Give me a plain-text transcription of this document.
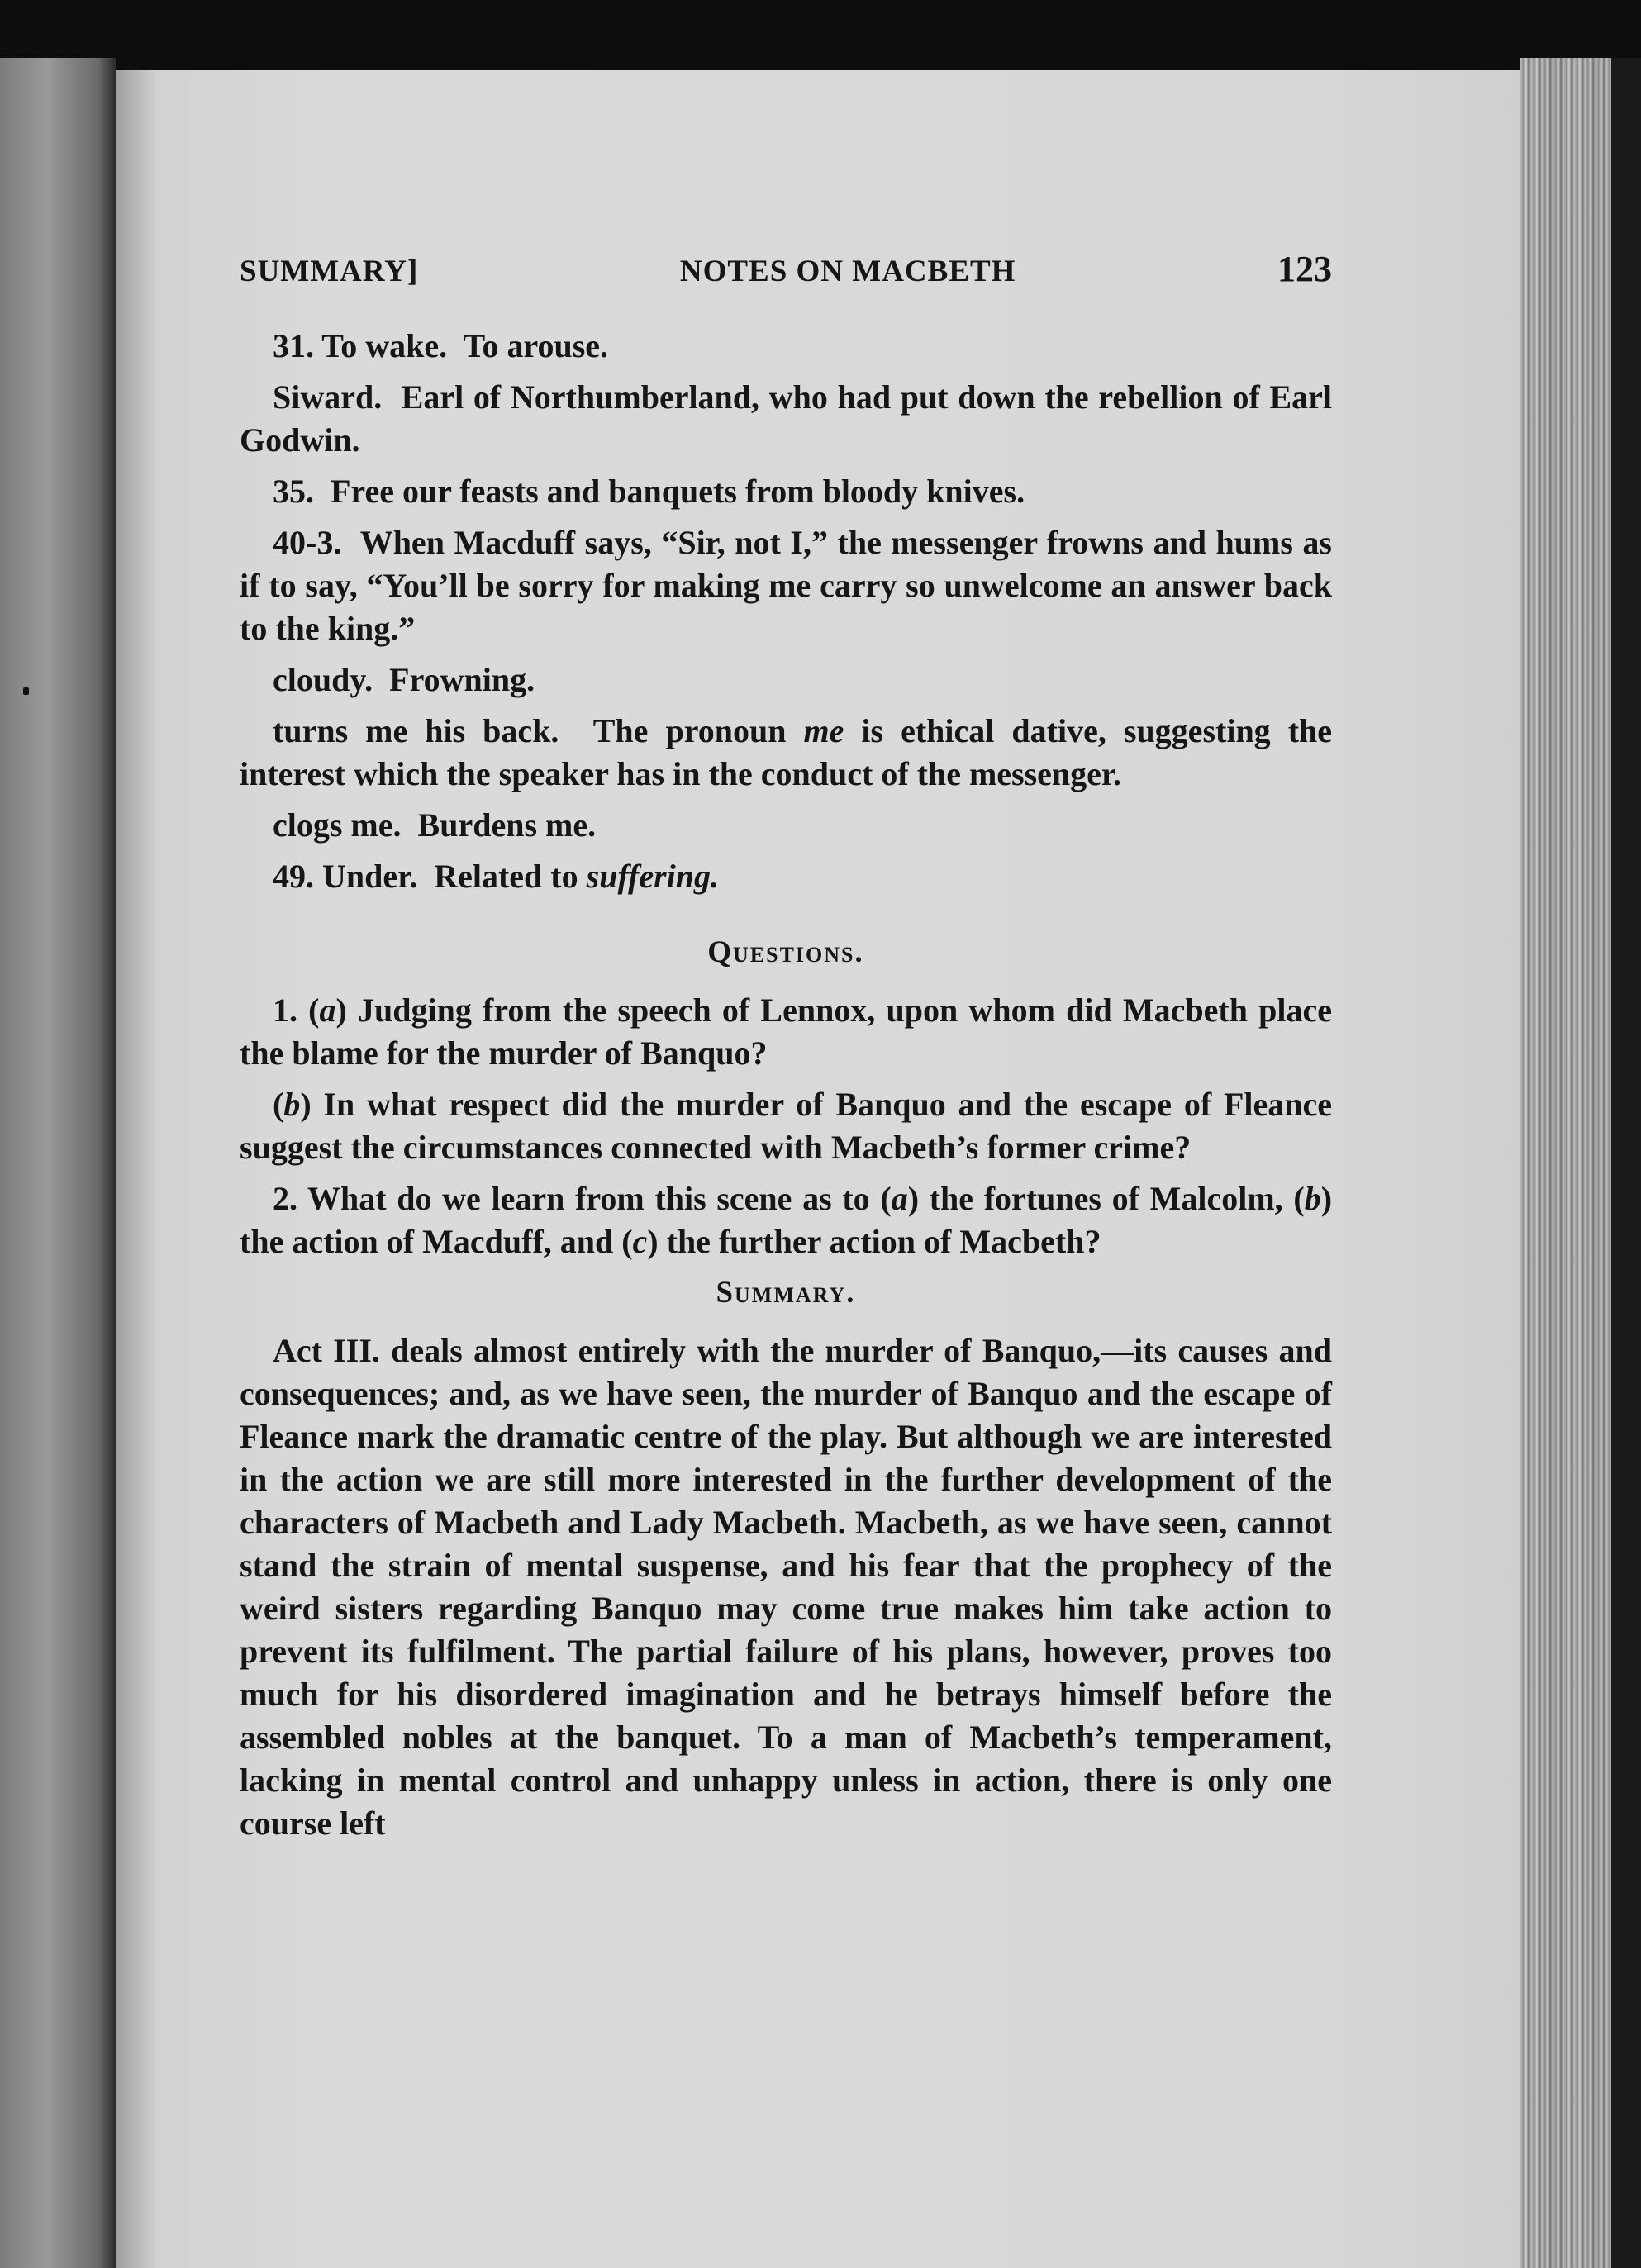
SUMMARY]	NOTES ON MACBETH	123

31. To wake. To arouse.

Siward. Earl of Northumberland, who had put down the rebellion of Earl Godwin.

35. Free our feasts and banquets from bloody knives.

40-3. When Macduff says, “Sir, not I,” the messenger frowns and hums as if to say, “You’ll be sorry for making me carry so unwelcome an answer back to the king.”

cloudy. Frowning.

turns me his back. The pronoun me is ethical dative, suggesting the interest which the speaker has in the conduct of the messenger.

clogs me. Burdens me.

49. Under. Related to suffering.

Questions.

1. (a) Judging from the speech of Lennox, upon whom did Macbeth place the blame for the murder of Banquo?

(b) In what respect did the murder of Banquo and the escape of Fleance suggest the circumstances connected with Macbeth’s former crime?

2. What do we learn from this scene as to (a) the fortunes of Malcolm, (b) the action of Macduff, and (c) the further action of Macbeth?

Summary.

Act III. deals almost entirely with the murder of Banquo,—its causes and consequences; and, as we have seen, the murder of Banquo and the escape of Fleance mark the dramatic centre of the play. But although we are interested in the action we are still more interested in the further development of the characters of Macbeth and Lady Macbeth. Macbeth, as we have seen, cannot stand the strain of mental suspense, and his fear that the prophecy of the weird sisters regarding Banquo may come true makes him take action to prevent its fulfilment. The partial failure of his plans, however, proves too much for his disordered imagination and he betrays himself before the assembled nobles at the banquet. To a man of Macbeth’s temperament, lacking in mental control and unhappy unless in action, there is only one course left
